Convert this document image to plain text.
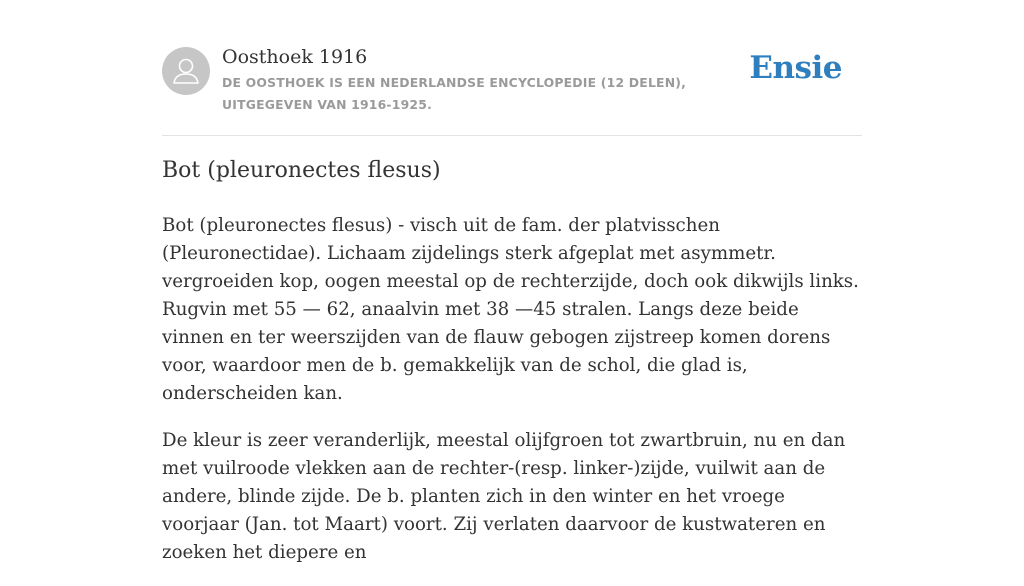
Oosthoek 1916
DE OOSTHOEK IS EEN NEDERLANDSE ENCYCLOPEDIE (12 DELEN), UITGEGEVEN VAN 1916-1925.
Ensie
Bot (pleuronectes flesus)

Bot (pleuronectes flesus) - visch uit de fam. der platvisschen (Pleuronectidae). Lichaam zijdelings sterk afgeplat met asymmetr. vergroeiden kop, oogen meestal op de rechterzijde, doch ook dikwijls links. Rugvin met 55 — 62, anaalvin met 38 —45 stralen. Langs deze beide vinnen en ter weerszijden van de flauw gebogen zijstreep komen dorens voor, waardoor men de b. gemakkelijk van de schol, die glad is, onderscheiden kan.

De kleur is zeer veranderlijk, meestal olijfgroen tot zwartbruin, nu en dan met vuilroode vlekken aan de rechter-(resp. linker-)zijde, vuilwit aan de andere, blinde zijde. De b. planten zich in den winter en het vroege voorjaar (Jan. tot Maart) voort. Zij verlaten daarvoor de kustwateren en zoeken het diepere en
